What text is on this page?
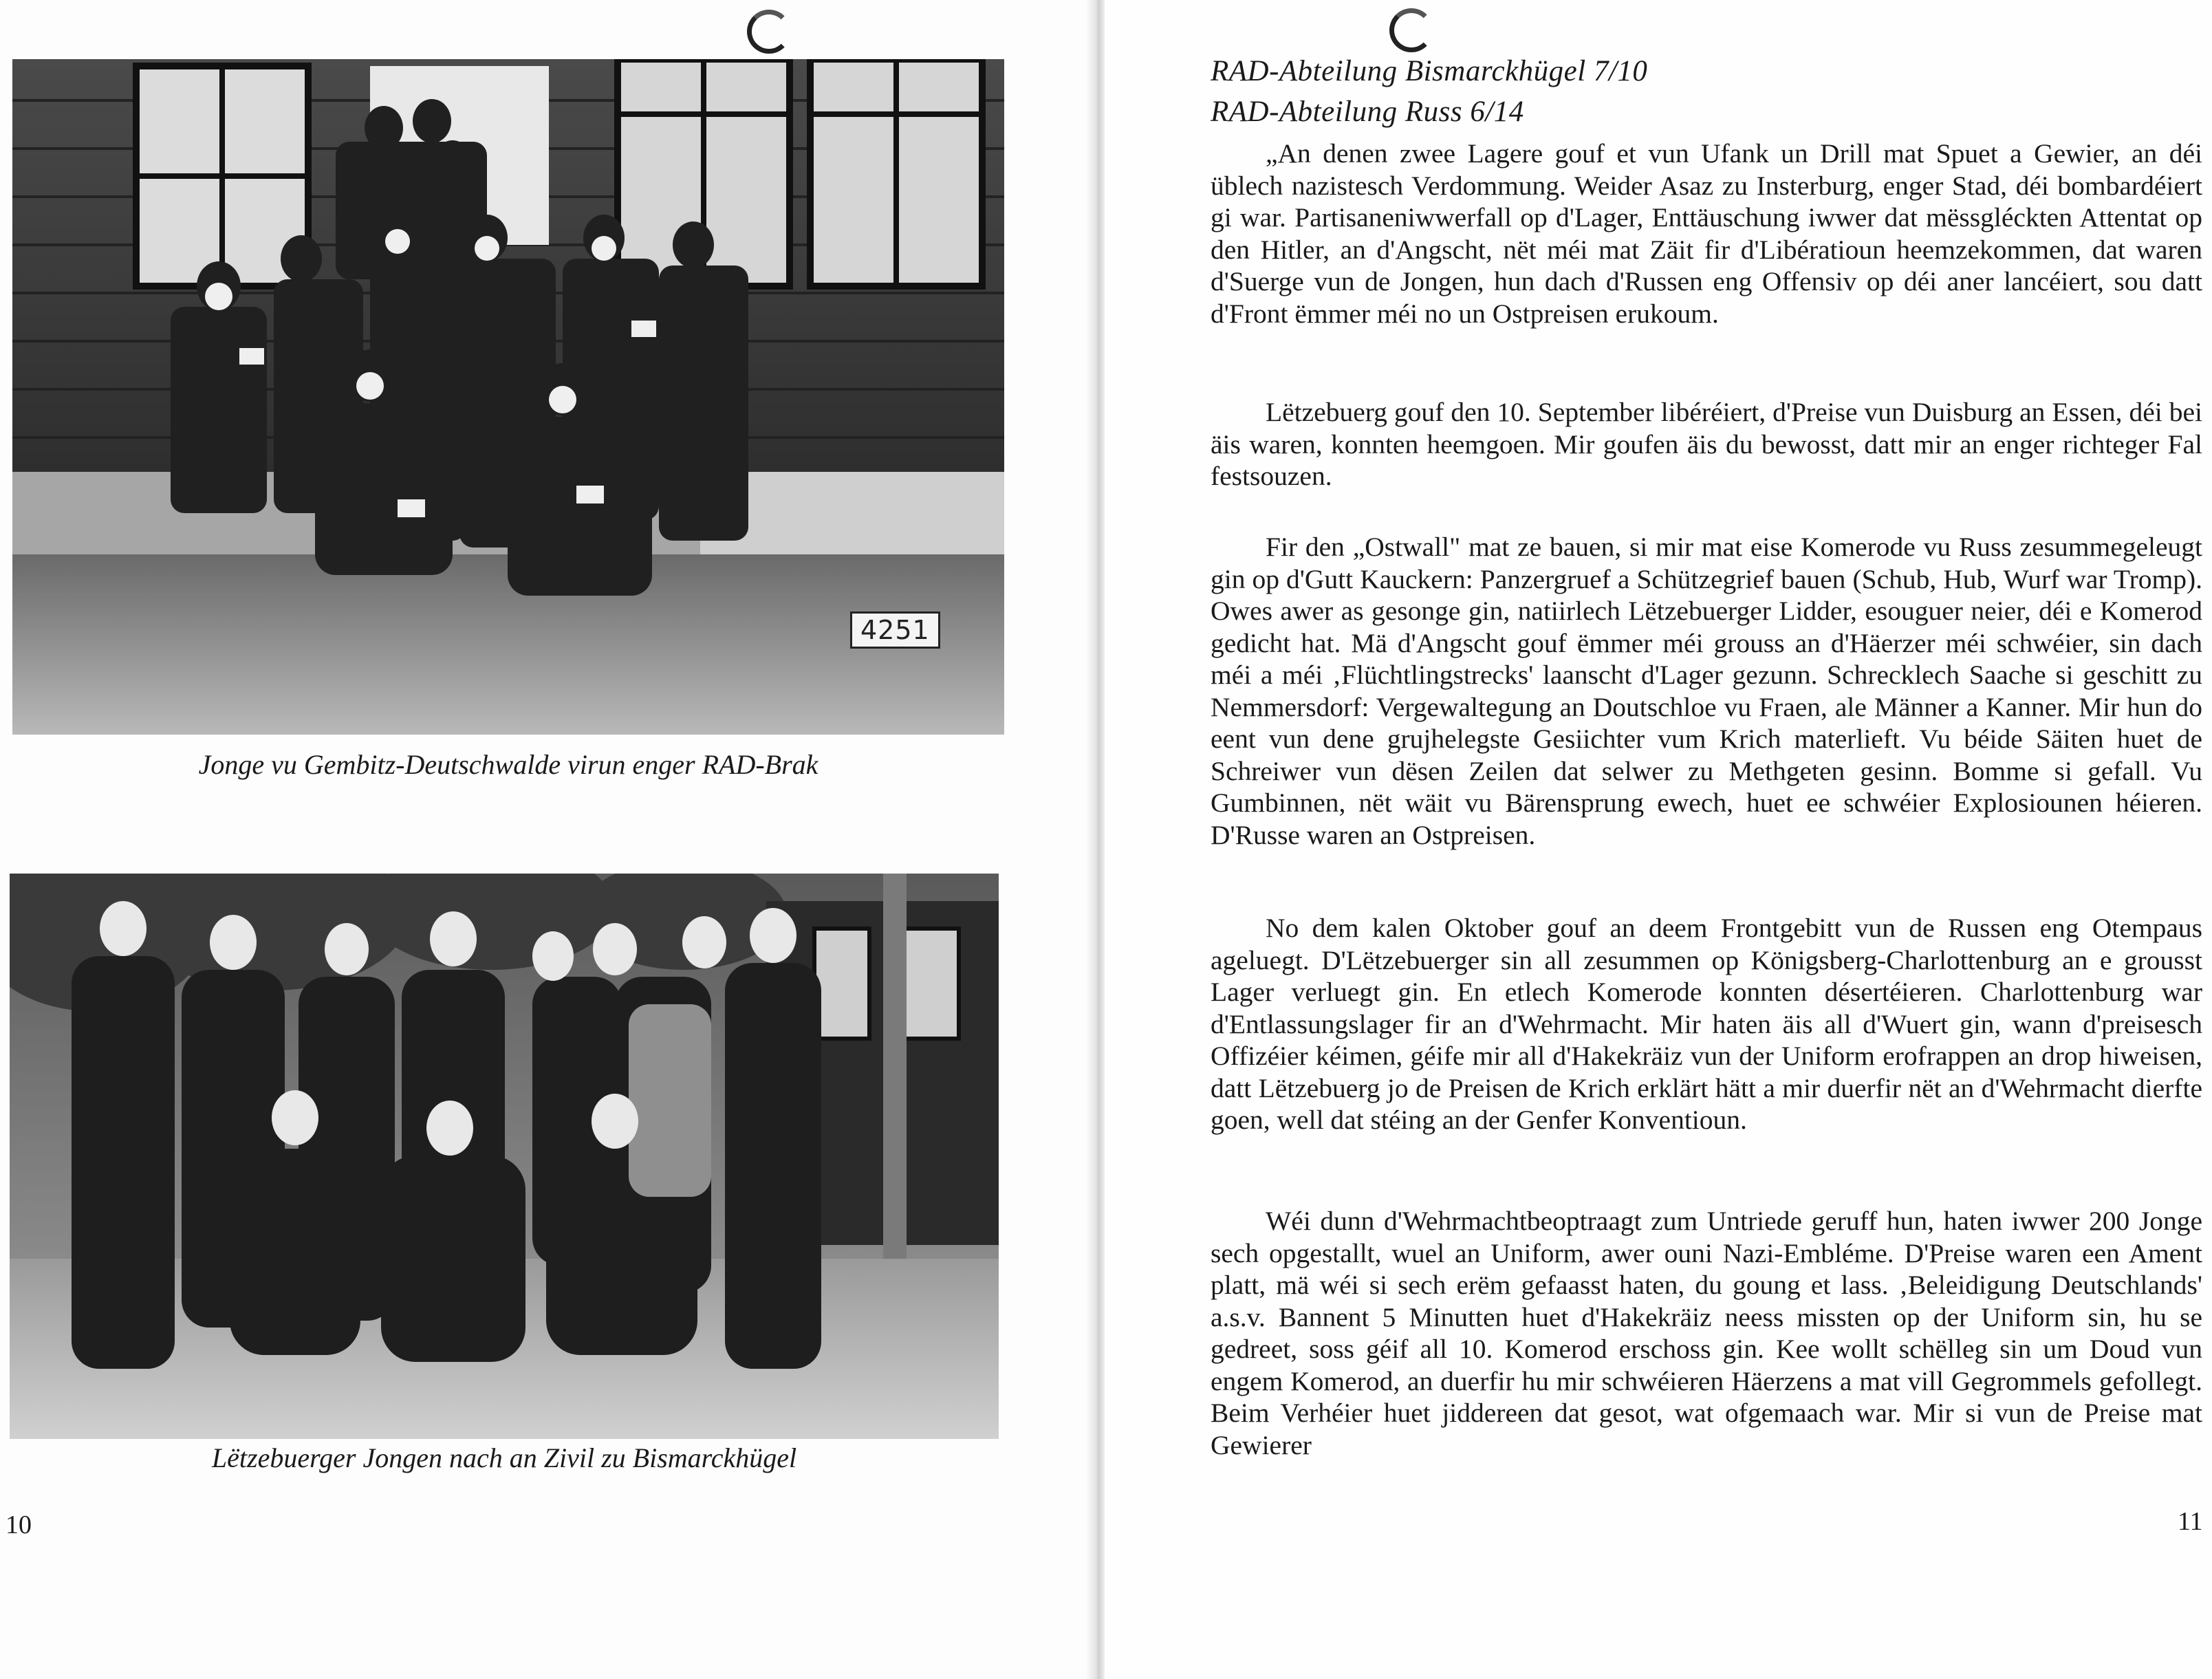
4251
Jonge vu Gembitz-Deutschwalde virun enger RAD-Brak
Lëtzebuerger Jongen nach an Zivil zu Bismarckhügel
10
RAD-Abteilung Bismarckhügel 7/10
RAD-Abteilung Russ 6/14

„An denen zwee Lagere gouf et vun Ufank un Drill mat Spuet a Gewier, an déi üblech nazistesch Verdommung. Weider Asaz zu Insterburg, enger Stad, déi bombardéiert gi war. Partisaneniwwerfall op d'Lager, Enttäuschung iwwer dat mëssgléckten Attentat op den Hitler, an d'Angscht, nët méi mat Zäit fir d'Libératioun heemzekommen, dat waren d'Suerge vun de Jongen, hun dach d'Russen eng Offensiv op déi aner lancéiert, sou datt d'Front ëmmer méi no un Ostpreisen erukoum.

Lëtzebuerg gouf den 10. September libéréiert, d'Preise vun Duisburg an Essen, déi bei äis waren, konnten heemgoen. Mir goufen äis du bewosst, datt mir an enger richteger Fal festsouzen.

Fir den „Ostwall" mat ze bauen, si mir mat eise Komerode vu Russ zesummegeleugt gin op d'Gutt Kauckern: Panzergruef a Schützegrief bauen (Schub, Hub, Wurf war Tromp). Owes awer as gesonge gin, natiirlech Lëtzebuerger Lidder, esouguer neier, déi e Komerod gedicht hat. Mä d'Angscht gouf ëmmer méi grouss an d'Häerzer méi schwéier, sin dach méi a méi ‚Flüchtlingstrecks' laanscht d'Lager gezunn. Schrecklech Saache si geschitt zu Nemmersdorf: Vergewaltegung an Doutschloe vu Fraen, ale Männer a Kanner. Mir hun do eent vun dene grujhelegste Gesiichter vum Krich materlieft. Vu béide Säiten huet de Schreiwer vun dësen Zeilen dat selwer zu Methgeten gesinn. Bomme si gefall. Vu Gumbinnen, nët wäit vu Bärensprung ewech, huet ee schwéier Explosiounen héieren. D'Russe waren an Ostpreisen.

No dem kalen Oktober gouf an deem Frontgebitt vun de Russen eng Otempaus ageluegt. D'Lëtzebuerger sin all zesummen op Königsberg-Charlottenburg an e grousst Lager verluegt gin. En etlech Komerode konnten désertéieren. Charlottenburg war d'Entlassungslager fir an d'Wehrmacht. Mir haten äis all d'Wuert gin, wann d'preisesch Offizéier kéimen, géife mir all d'Hakekräiz vun der Uniform erofrappen an drop hiweisen, datt Lëtzebuerg jo de Preisen de Krich erklärt hätt a mir duerfir nët an d'Wehrmacht dierfte goen, well dat stéing an der Genfer Konventioun.

Wéi dunn d'Wehrmachtbeoptraagt zum Untriede geruff hun, haten iwwer 200 Jonge sech opgestallt, wuel an Uniform, awer ouni Nazi-Embléme. D'Preise waren een Ament platt, mä wéi si sech erëm gefaasst haten, du goung et lass. ‚Beleidigung Deutschlands' a.s.v. Bannent 5 Minutten huet d'Hakekräiz neess missten op der Uniform sin, hu se gedreet, soss géif all 10. Komerod erschoss gin. Kee wollt schëlleg sin um Doud vun engem Komerod, an duerfir hu mir schwéieren Häerzens a mat vill Gegrommels gefollegt. Beim Verhéier huet jiddereen dat gesot, wat ofgemaach war. Mir si vun de Preise mat Gewierer

11
